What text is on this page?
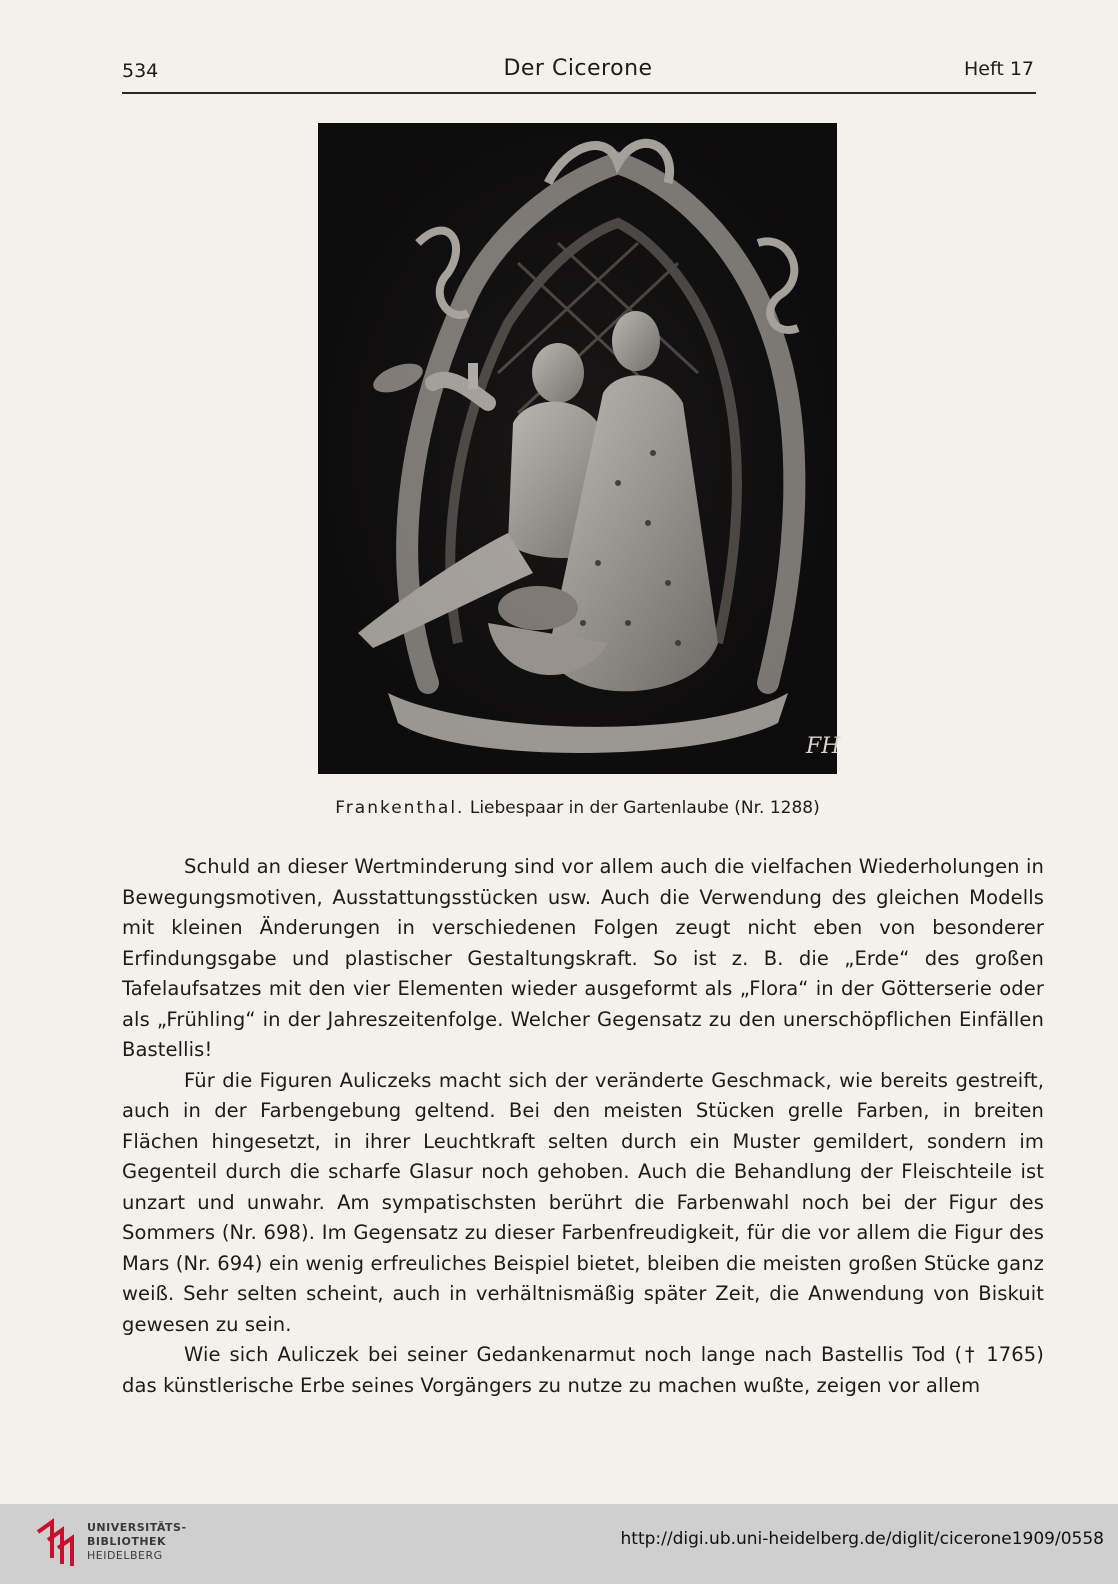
534	Der Cicerone	Heft 17
FH
Frankenthal. Liebespaar in der Gartenlaube (Nr. 1288)

Schuld an dieser Wertminderung sind vor allem auch die vielfachen Wiederholungen in Bewegungsmotiven, Ausstattungsstücken usw. Auch die Verwendung des gleichen Modells mit kleinen Änderungen in verschiedenen Folgen zeugt nicht eben von besonderer Erfindungsgabe und plastischer Gestaltungskraft. So ist z. B. die „Erde“ des großen Tafelaufsatzes mit den vier Elementen wieder ausgeformt als „Flora“ in der Götterserie oder als „Frühling“ in der Jahreszeitenfolge. Welcher Gegensatz zu den unerschöpflichen Einfällen Bastellis!

Für die Figuren Auliczeks macht sich der veränderte Geschmack, wie bereits gestreift, auch in der Farbengebung geltend. Bei den meisten Stücken grelle Farben, in breiten Flächen hingesetzt, in ihrer Leuchtkraft selten durch ein Muster gemildert, sondern im Gegenteil durch die scharfe Glasur noch gehoben. Auch die Behandlung der Fleischteile ist unzart und unwahr. Am sympatischsten berührt die Farbenwahl noch bei der Figur des Sommers (Nr. 698). Im Gegensatz zu dieser Farbenfreudigkeit, für die vor allem die Figur des Mars (Nr. 694) ein wenig erfreuliches Beispiel bietet, bleiben die meisten großen Stücke ganz weiß. Sehr selten scheint, auch in verhältnismäßig später Zeit, die Anwendung von Biskuit gewesen zu sein.

Wie sich Auliczek bei seiner Gedankenarmut noch lange nach Bastellis Tod († 1765) das künstlerische Erbe seines Vorgängers zu nutze zu machen wußte, zeigen vor allem

UNIVERSITÄTS-
BIBLIOTHEK
HEIDELBERG
http://digi.ub.uni-heidelberg.de/diglit/cicerone1909/0558
